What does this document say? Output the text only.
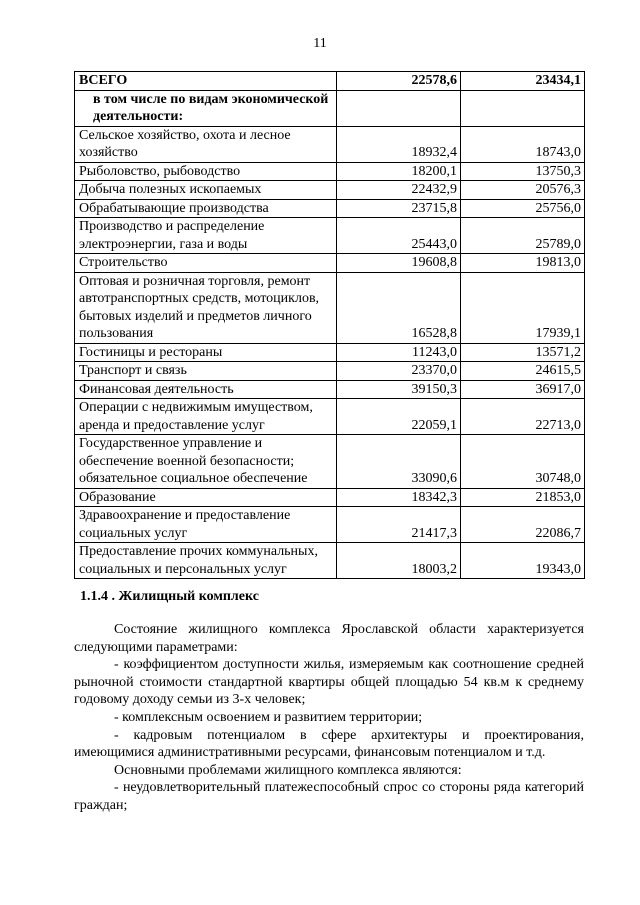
11
ВСЕГО	22578,6	23434,1
в том числе по видам экономической деятельности:		
Сельское хозяйство, охота и лесное хозяйство	18932,4	18743,0
Рыболовство, рыбоводство	18200,1	13750,3
Добыча полезных ископаемых	22432,9	20576,3
Обрабатывающие производства	23715,8	25756,0
Производство и распределение электроэнергии, газа и воды	25443,0	25789,0
Строительство	19608,8	19813,0
Оптовая и розничная торговля, ремонт автотранспортных средств, мотоциклов, бытовых изделий и предметов личного пользования	16528,8	17939,1
Гостиницы и рестораны	11243,0	13571,2
Транспорт и связь	23370,0	24615,5
Финансовая деятельность	39150,3	36917,0
Операции с недвижимым имуществом, аренда и предоставление услуг	22059,1	22713,0
Государственное управление и обеспечение военной безопасности; обязательное социальное обеспечение	33090,6	30748,0
Образование	18342,3	21853,0
Здравоохранение и предоставление социальных услуг	21417,3	22086,7
Предоставление прочих коммунальных, социальных и персональных услуг	18003,2	19343,0
1.1.4 . Жилищный комплекс

Состояние жилищного комплекса Ярославской области характеризуется следующими параметрами:

- коэффициентом доступности жилья, измеряемым как соотношение средней рыночной стоимости стандартной квартиры общей площадью 54 кв.м к среднему годовому доходу семьи из 3-х человек;

- комплексным освоением и развитием территории;

- кадровым потенциалом в сфере архитектуры и проектирования, имеющимися административными ресурсами, финансовым потенциалом и т.д.

Основными проблемами жилищного комплекса являются:

- неудовлетворительный платежеспособный спрос со стороны ряда категорий граждан;
